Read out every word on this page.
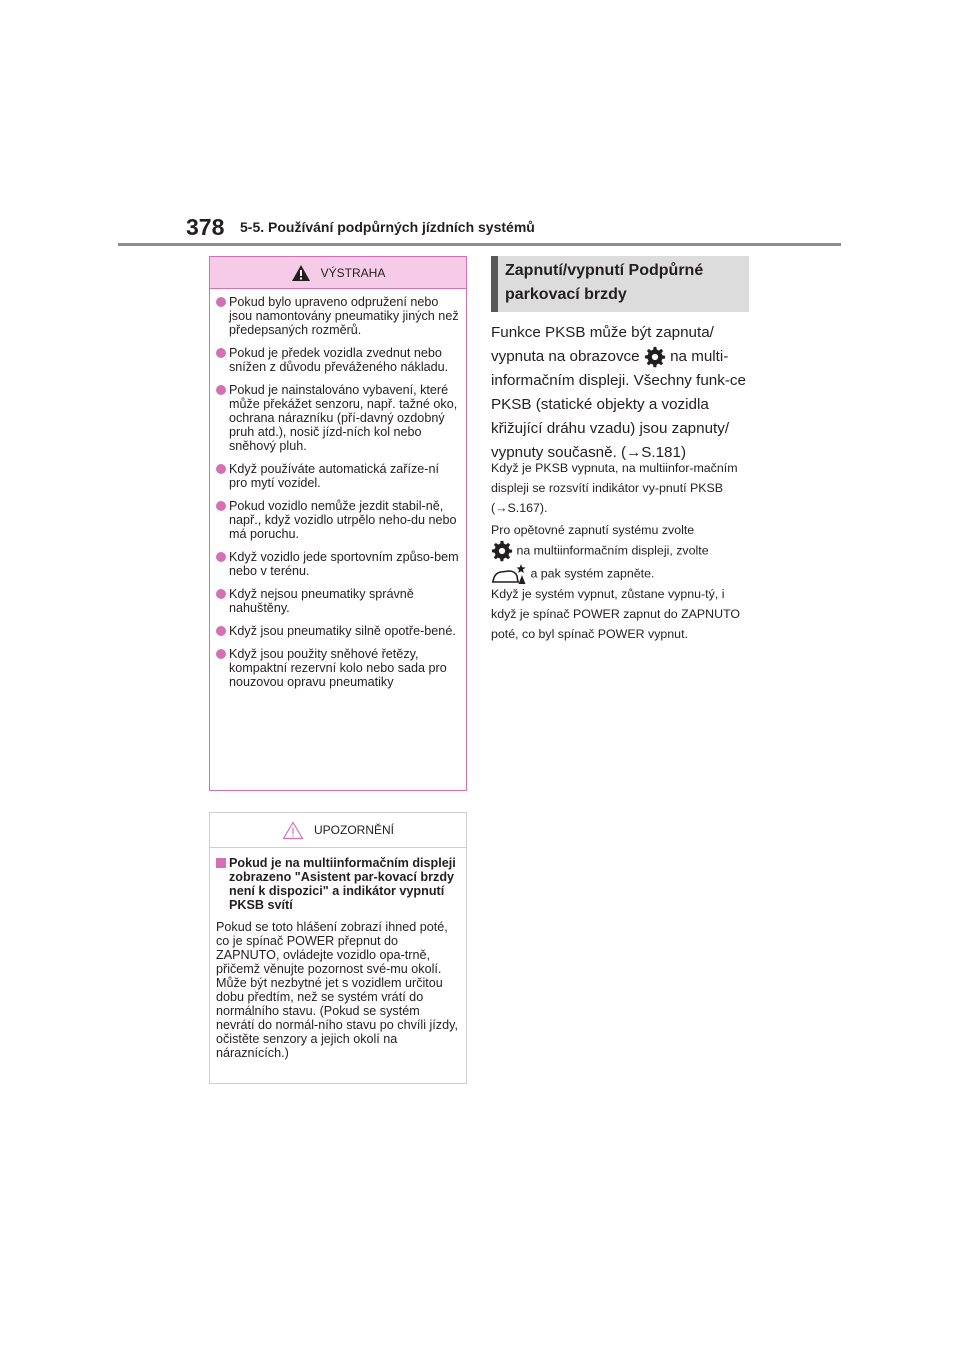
378 5-5. Používání podpůrných jízdních systémů
VÝSTRAHA
Pokud bylo upraveno odpružení nebo jsou namontovány pneumatiky jiných než předepsaných rozměrů.
Pokud je předek vozidla zvednut nebo snížen z důvodu převáženého nákladu.
Pokud je nainstalováno vybavení, které může překážet senzoru, např. tažné oko, ochrana nárazníku (pří-davný ozdobný pruh atd.), nosič jízd-ních kol nebo sněhový pluh.
Když používáte automatická zaříze-ní pro mytí vozidel.
Pokud vozidlo nemůže jezdit stabil-ně, např., když vozidlo utrpělo neho-du nebo má poruchu.
Když vozidlo jede sportovním způso-bem nebo v terénu.
Když nejsou pneumatiky správně nahuštěny.
Když jsou pneumatiky silně opotře-bené.
Když jsou použity sněhové řetězy, kompaktní rezervní kolo nebo sada pro nouzovou opravu pneumatiky
UPOZORNĚNÍ
Pokud je na multiinformačním displeji zobrazeno "Asistent par-kovací brzdy není k dispozici" a indikátor vypnutí PKSB svítí
Pokud se toto hlášení zobrazí ihned poté, co je spínač POWER přepnut do ZAPNUTO, ovládejte vozidlo opa-trně, přičemž věnujte pozornost své-mu okolí. Může být nezbytné jet s vozidlem určitou dobu předtím, než se systém vrátí do normálního stavu. (Pokud se systém nevrátí do normál-ního stavu po chvíli jízdy, očistěte senzory a jejich okolí na náraznících.)
Zapnutí/vypnutí Podpůrné parkovací brzdy
Funkce PKSB může být zapnuta/ vypnuta na obrazovce na multi-informačním displeji. Všechny funk-ce PKSB (statické objekty a vozidla křižující dráhu vzadu) jsou zapnuty/ vypnuty současně. (→S.181)
Když je PKSB vypnuta, na multiinfor-mačním displeji se rozsvítí indikátor vy-pnutí PKSB (→S.167).
Pro opětovné zapnutí systému zvolte
na multiinformačním displeji, zvolte
a pak systém zapněte.
Když je systém vypnut, zůstane vypnu-tý, i když je spínač POWER zapnut do ZAPNUTO poté, co byl spínač POWER vypnut.
